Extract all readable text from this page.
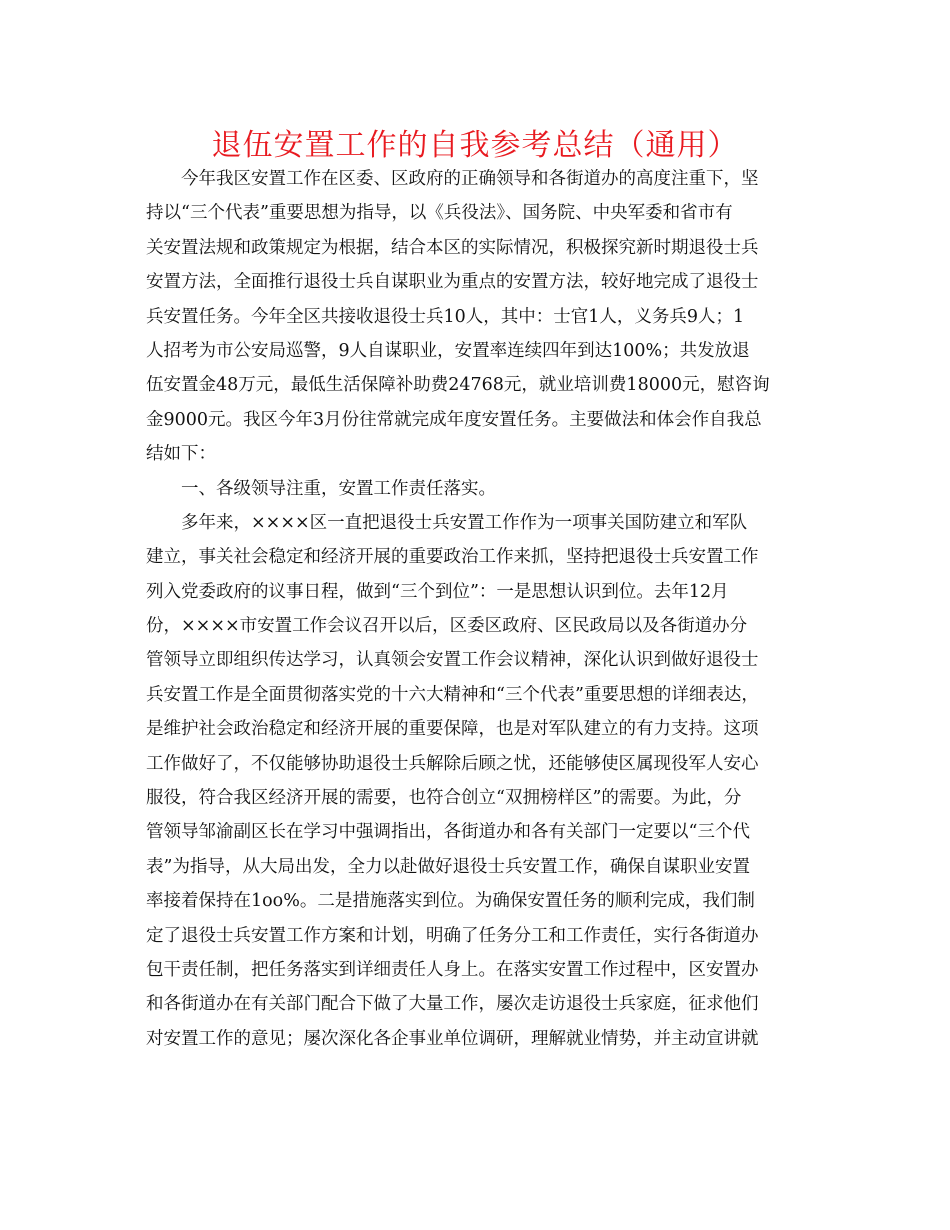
退伍安置工作的自我参考总结（通用）
今年我区安置工作在区委、区政府的正确领导和各街道办的高度注重下，坚
持以“三个代表”重要思想为指导，以《兵役法》、国务院、中央军委和省市有
关安置法规和政策规定为根据，结合本区的实际情况，积极探究新时期退役士兵
安置方法，全面推行退役士兵自谋职业为重点的安置方法，较好地完成了退役士
兵安置任务。今年全区共接收退役士兵10人，其中：士官1人，义务兵9人；1
人招考为市公安局巡警，9人自谋职业，安置率连续四年到达100%；共发放退
伍安置金48万元，最低生活保障补助费24768元，就业培训费18000元，慰咨询
金9000元。我区今年3月份往常就完成年度安置任务。主要做法和体会作自我总
结如下：
一、各级领导注重，安置工作责任落实。
多年来，××××区一直把退役士兵安置工作作为一项事关国防建立和军队
建立，事关社会稳定和经济开展的重要政治工作来抓，坚持把退役士兵安置工作
列入党委政府的议事日程，做到“三个到位”：一是思想认识到位。去年12月
份，××××市安置工作会议召开以后，区委区政府、区民政局以及各街道办分
管领导立即组织传达学习，认真领会安置工作会议精神，深化认识到做好退役士
兵安置工作是全面贯彻落实党的十六大精神和“三个代表”重要思想的详细表达，
是维护社会政治稳定和经济开展的重要保障，也是对军队建立的有力支持。这项
工作做好了，不仅能够协助退役士兵解除后顾之忧，还能够使区属现役军人安心
服役，符合我区经济开展的需要，也符合创立“双拥榜样区”的需要。为此，分
管领导邹渝副区长在学习中强调指出，各街道办和各有关部门一定要以“三个代
表”为指导，从大局出发，全力以赴做好退役士兵安置工作，确保自谋职业安置
率接着保持在1oo%。二是措施落实到位。为确保安置任务的顺利完成，我们制
定了退役士兵安置工作方案和计划，明确了任务分工和工作责任，实行各街道办
包干责任制，把任务落实到详细责任人身上。在落实安置工作过程中，区安置办
和各街道办在有关部门配合下做了大量工作，屡次走访退役士兵家庭，征求他们
对安置工作的意见；屡次深化各企事业单位调研，理解就业情势，并主动宣讲就
